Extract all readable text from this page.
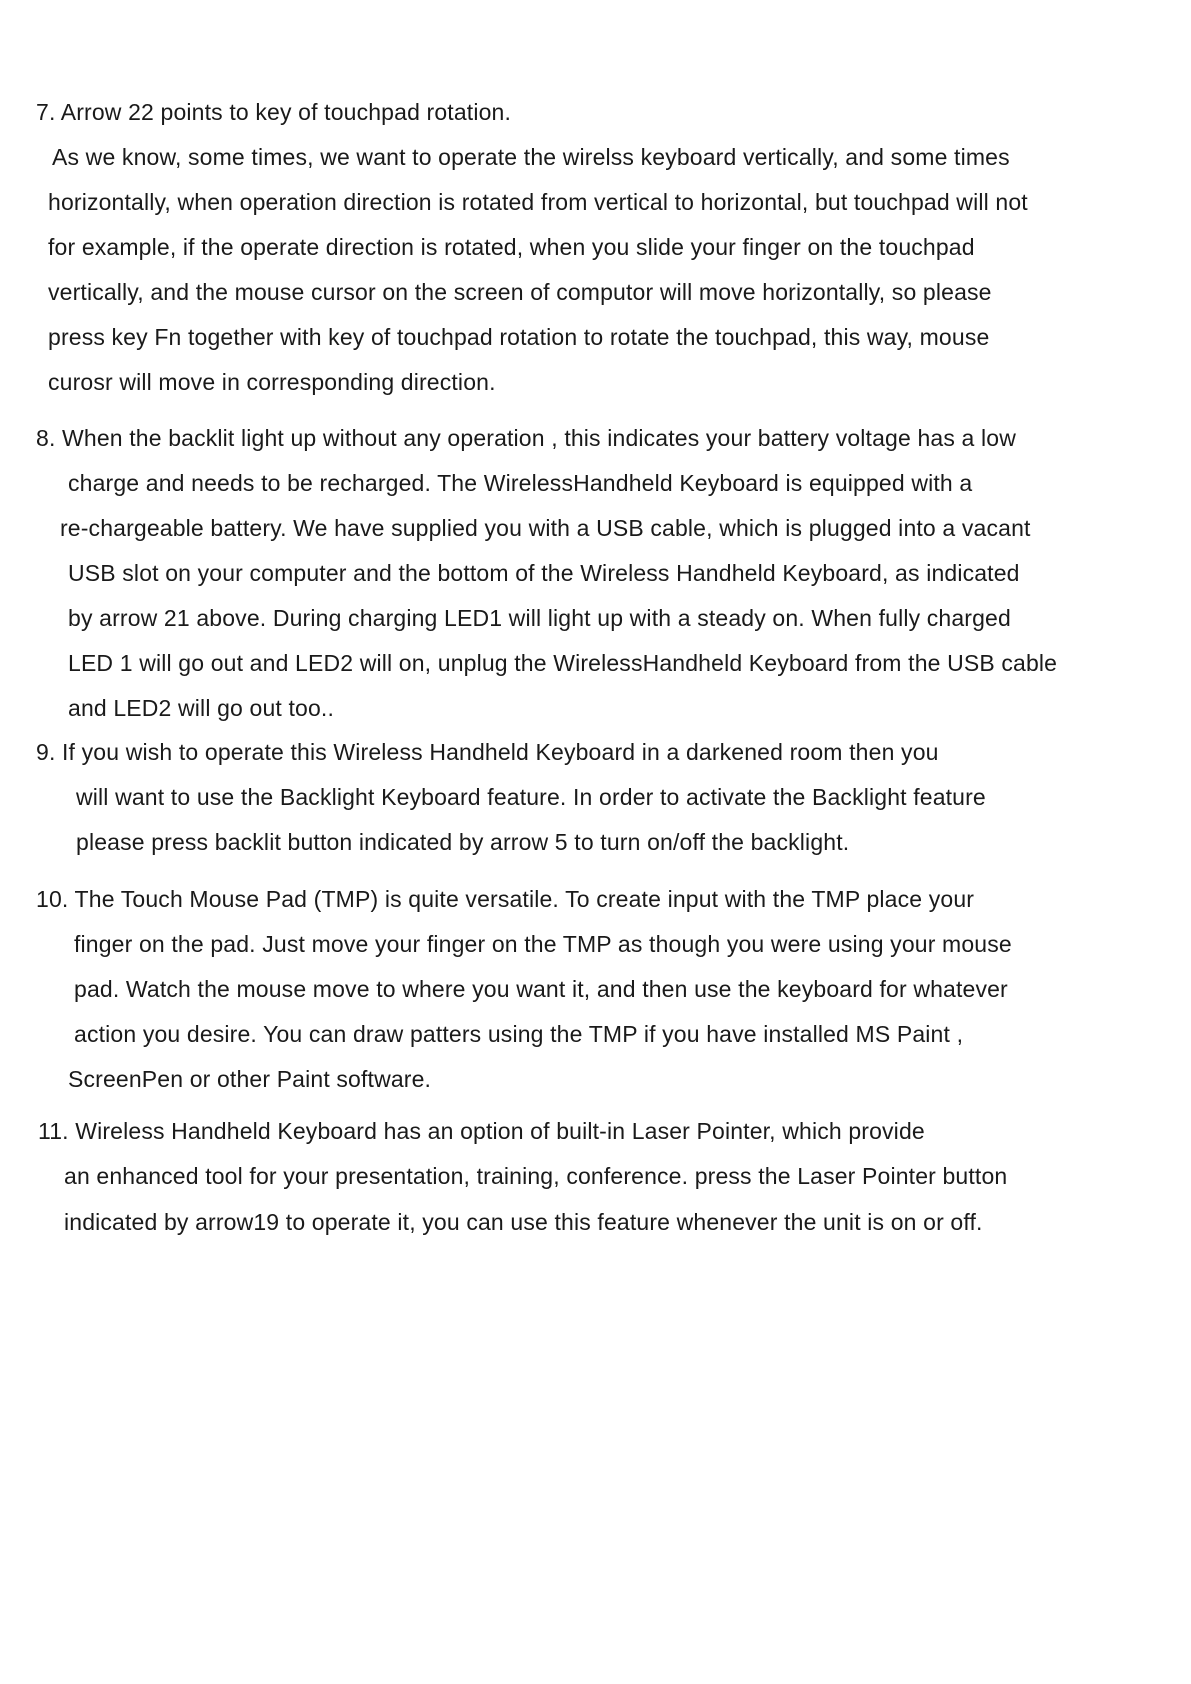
7. Arrow 22 points to key of touchpad rotation.
As we know, some times, we want to operate the wirelss keyboard vertically, and some times
horizontally, when operation direction is rotated from vertical to horizontal, but touchpad will not
for example, if the operate direction is rotated, when you slide your finger on the touchpad
vertically, and the mouse cursor on the screen of computor will move horizontally, so please
press key Fn together with key of touchpad rotation to rotate the touchpad, this way, mouse
curosr will move in corresponding direction.
8. When the backlit light up without any operation , this indicates your battery voltage has a low
charge and needs to be recharged. The WirelessHandheld Keyboard is equipped with a
re-chargeable battery. We have supplied you with a USB cable, which is plugged into a vacant
USB slot on your computer and the bottom of the Wireless Handheld Keyboard, as indicated
by arrow 21 above. During charging LED1 will light up with a steady on. When fully charged
LED 1 will go out and LED2 will on, unplug the WirelessHandheld Keyboard from the USB cable
and LED2 will go out too..
9. If you wish to operate this Wireless Handheld Keyboard in a darkened room then you
will want to use the Backlight Keyboard feature. In order to activate the Backlight feature
please press backlit button indicated by arrow 5 to turn on/off the backlight.
10. The Touch Mouse Pad (TMP) is quite versatile. To create input with the TMP place your
finger on the pad. Just move your finger on the TMP as though you were using your mouse
pad. Watch the mouse move to where you want it, and then use the keyboard for whatever
action you desire. You can draw patters using the TMP if you have installed MS Paint ,
ScreenPen or other Paint software.
11. Wireless Handheld Keyboard has an option of built-in Laser Pointer, which provide
an enhanced tool for your presentation, training, conference. press the Laser Pointer button
indicated by arrow19 to operate it, you can use this feature whenever the unit is on or off.
